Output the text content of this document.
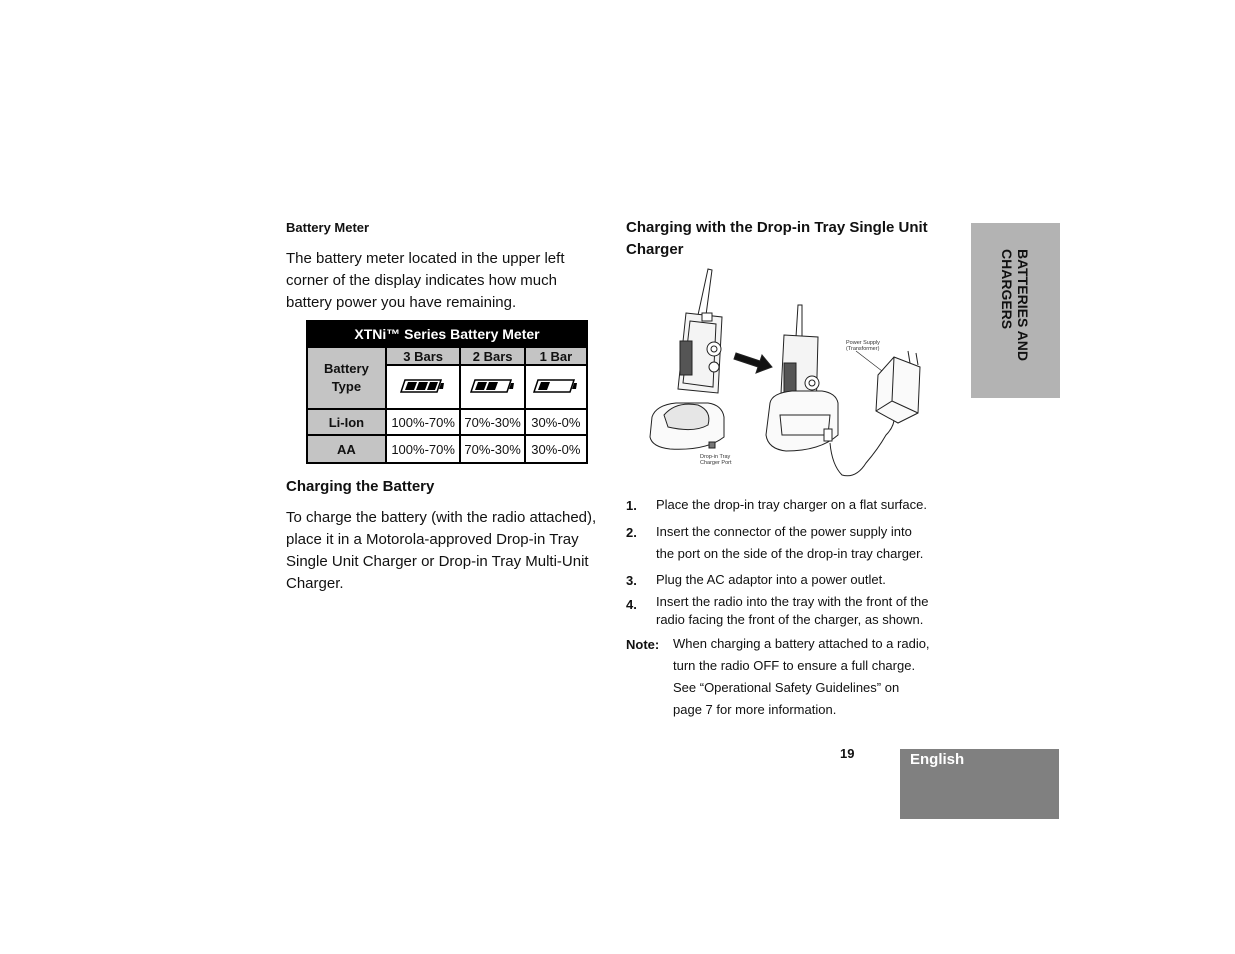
Battery Meter
The battery meter located in the upper left
corner of the display indicates how much
battery power you have remaining.
XTNi™ Series Battery Meter			

Battery
Type	3 Bars	2 Bars	1 Bar

Li-Ion	100%-70%	70%-30%	30%-0%
AA	100%-70%	70%-30%	30%-0%
Charging the Battery
To charge the battery (with the radio attached),
place it in a Motorola-approved Drop-in Tray
Single Unit Charger or Drop-in Tray Multi-Unit
Charger.
Charging with the Drop-in Tray Single Unit
Charger
Power Supply
(Transformer)
Drop-in Tray
Charger Port
1. Place the drop-in tray charger on a flat surface.
2. Insert the connector of the power supply into
the port on the side of the drop-in tray charger.
3. Plug the AC adaptor into a power outlet.
4. Insert the radio into the tray with the front of the
radio facing the front of the charger, as shown.
Note: When charging a battery attached to a radio,
turn the radio OFF to ensure a full charge.
See “Operational Safety Guidelines” on
page 7 for more information.
BATTERIES AND
CHARGERS
19	English
